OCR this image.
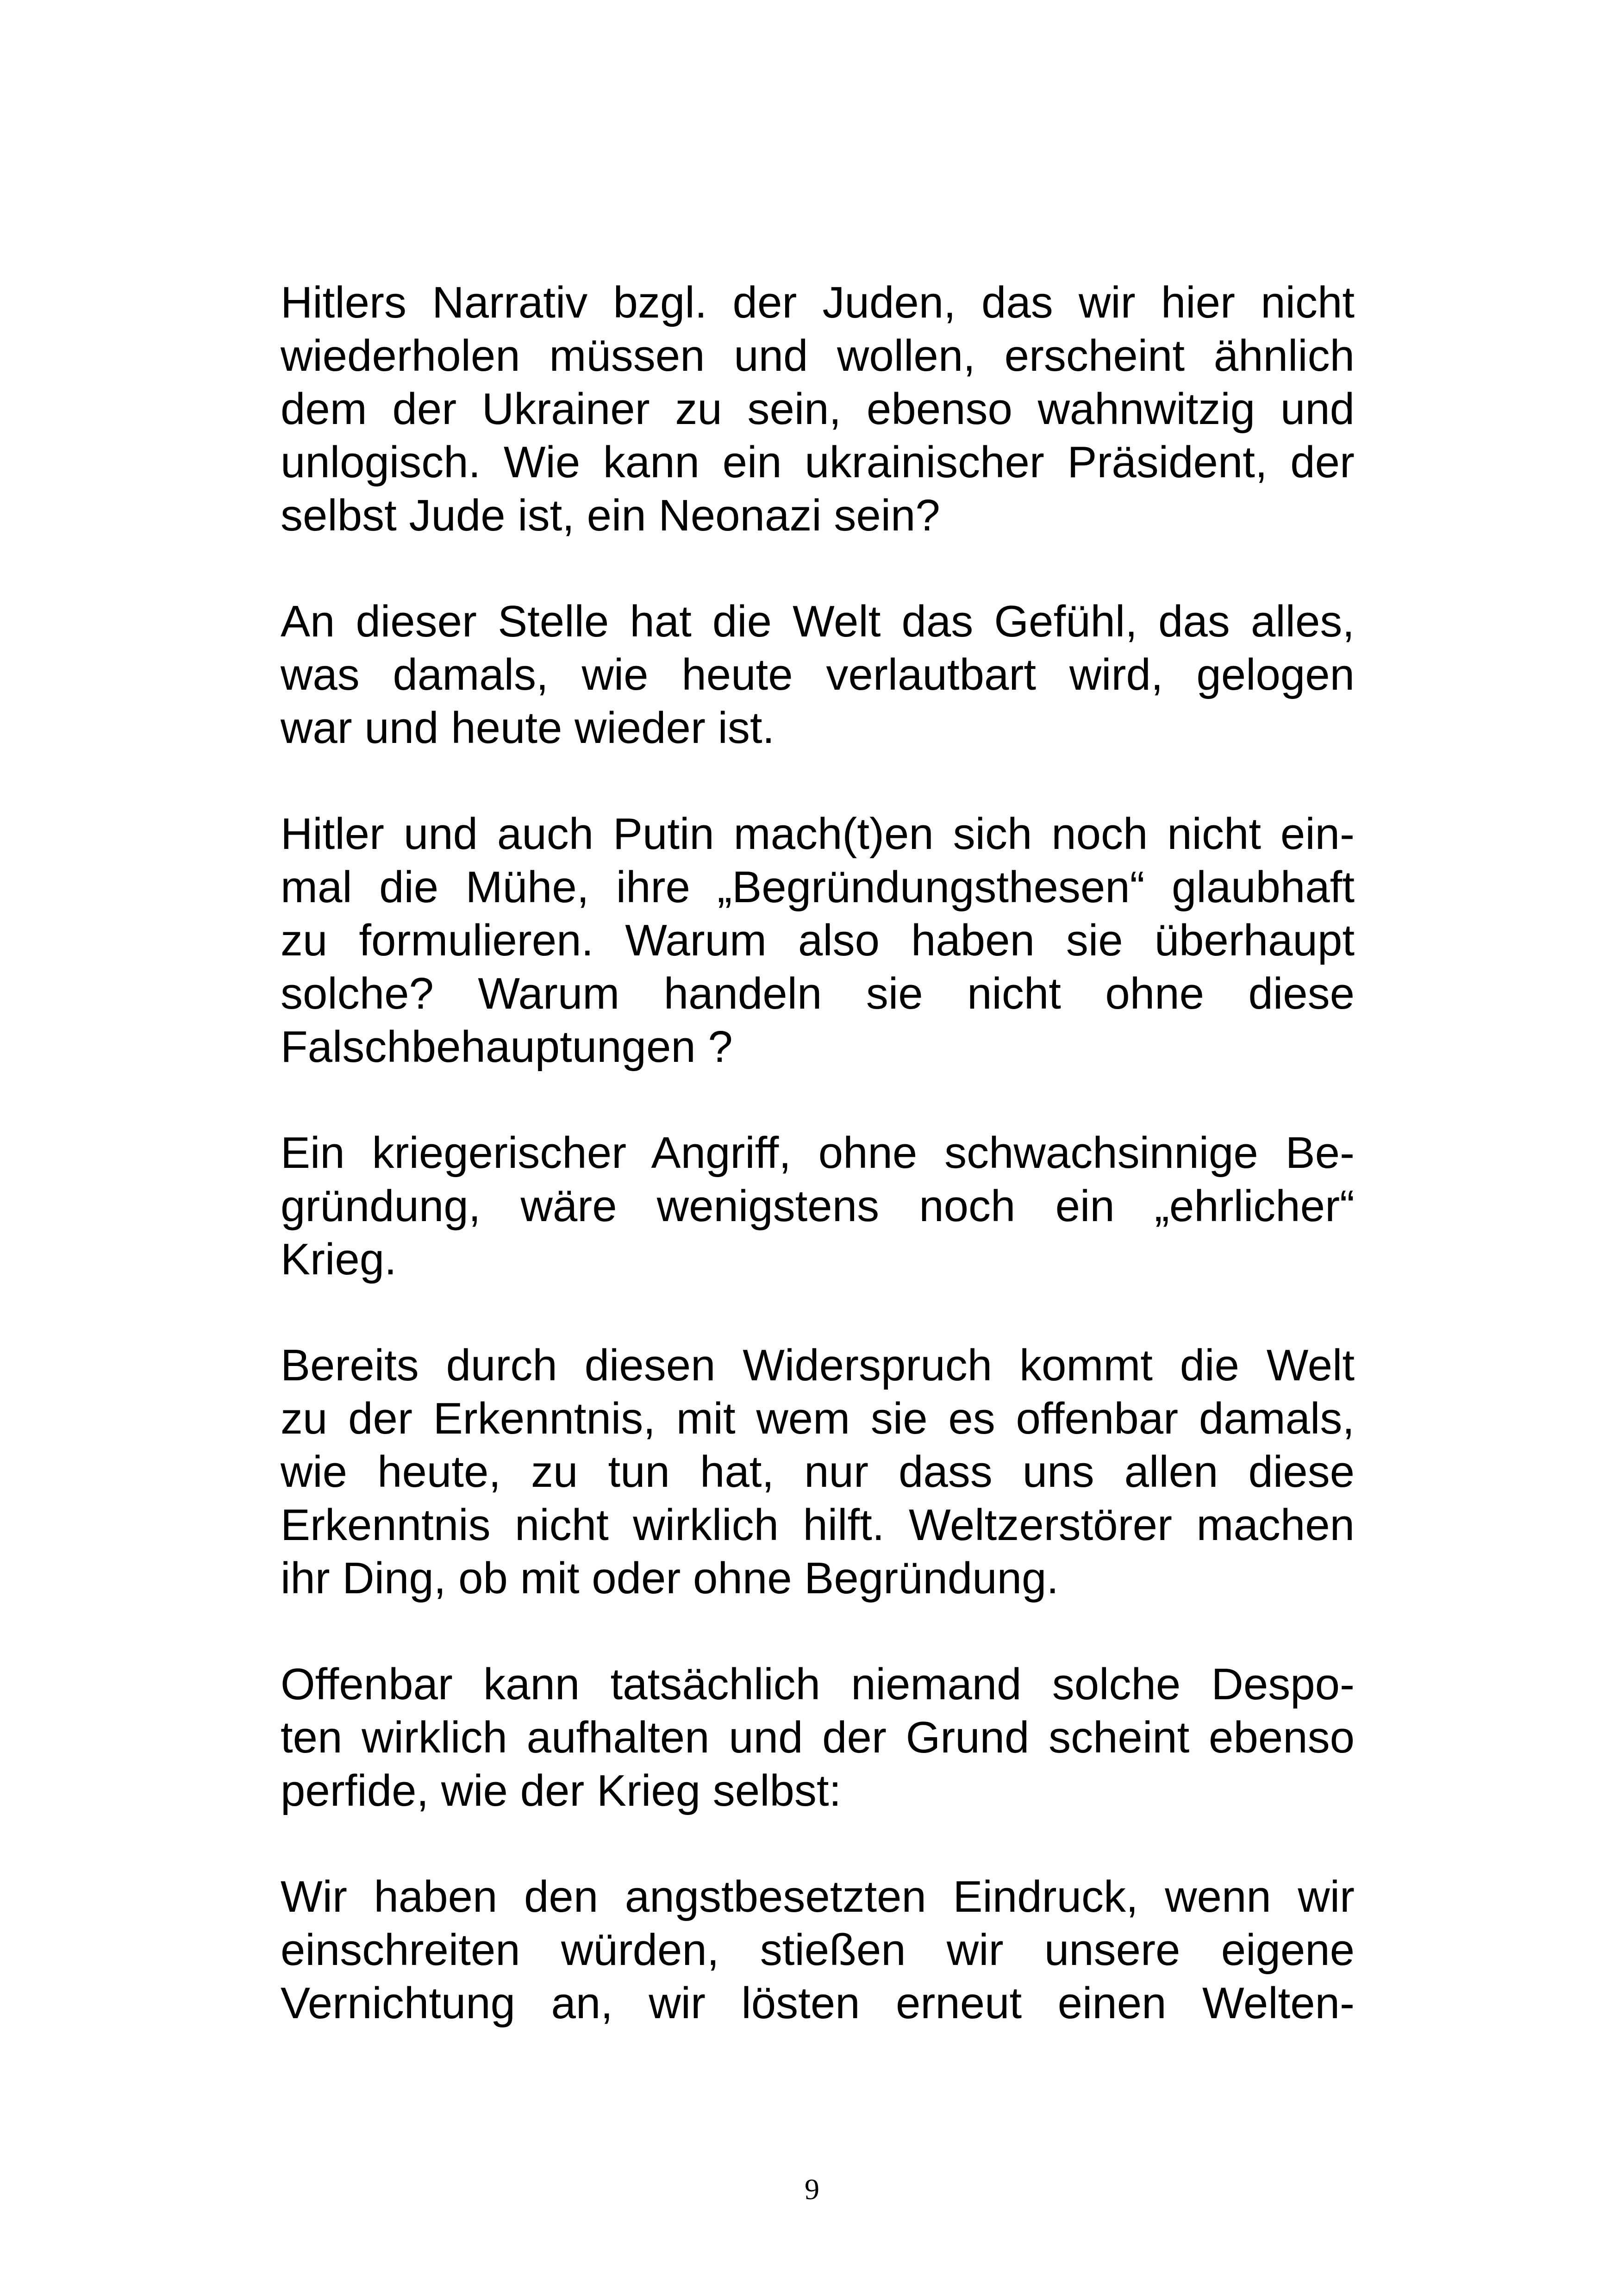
Hitlers Narrativ bzgl. der Juden, das wir hier nicht
wiederholen müssen und wollen, erscheint ähnlich
dem der Ukrainer zu sein, ebenso wahnwitzig und
unlogisch. Wie kann ein ukrainischer Präsident, der
selbst Jude ist, ein Neonazi sein?

An dieser Stelle hat die Welt das Gefühl, das alles,
was damals, wie heute verlautbart wird, gelogen
war und heute wieder ist.

Hitler und auch Putin mach(t)en sich noch nicht ein-
mal die Mühe, ihre „Begründungsthesen“ glaubhaft
zu formulieren. Warum also haben sie überhaupt
solche? Warum handeln sie nicht ohne diese
Falschbehauptungen ?

Ein kriegerischer Angriff, ohne schwachsinnige Be-
gründung, wäre wenigstens noch ein „ehrlicher“
Krieg.

Bereits durch diesen Widerspruch kommt die Welt
zu der Erkenntnis, mit wem sie es offenbar damals,
wie heute, zu tun hat, nur dass uns allen diese
Erkenntnis nicht wirklich hilft. Weltzerstörer machen
ihr Ding, ob mit oder ohne Begründung.

Offenbar kann tatsächlich niemand solche Despo-
ten wirklich aufhalten und der Grund scheint ebenso
perfide, wie der Krieg selbst:

Wir haben den angstbesetzten Eindruck, wenn wir
einschreiten würden, stießen wir unsere eigene
Vernichtung an, wir lösten erneut einen Welten-

9
